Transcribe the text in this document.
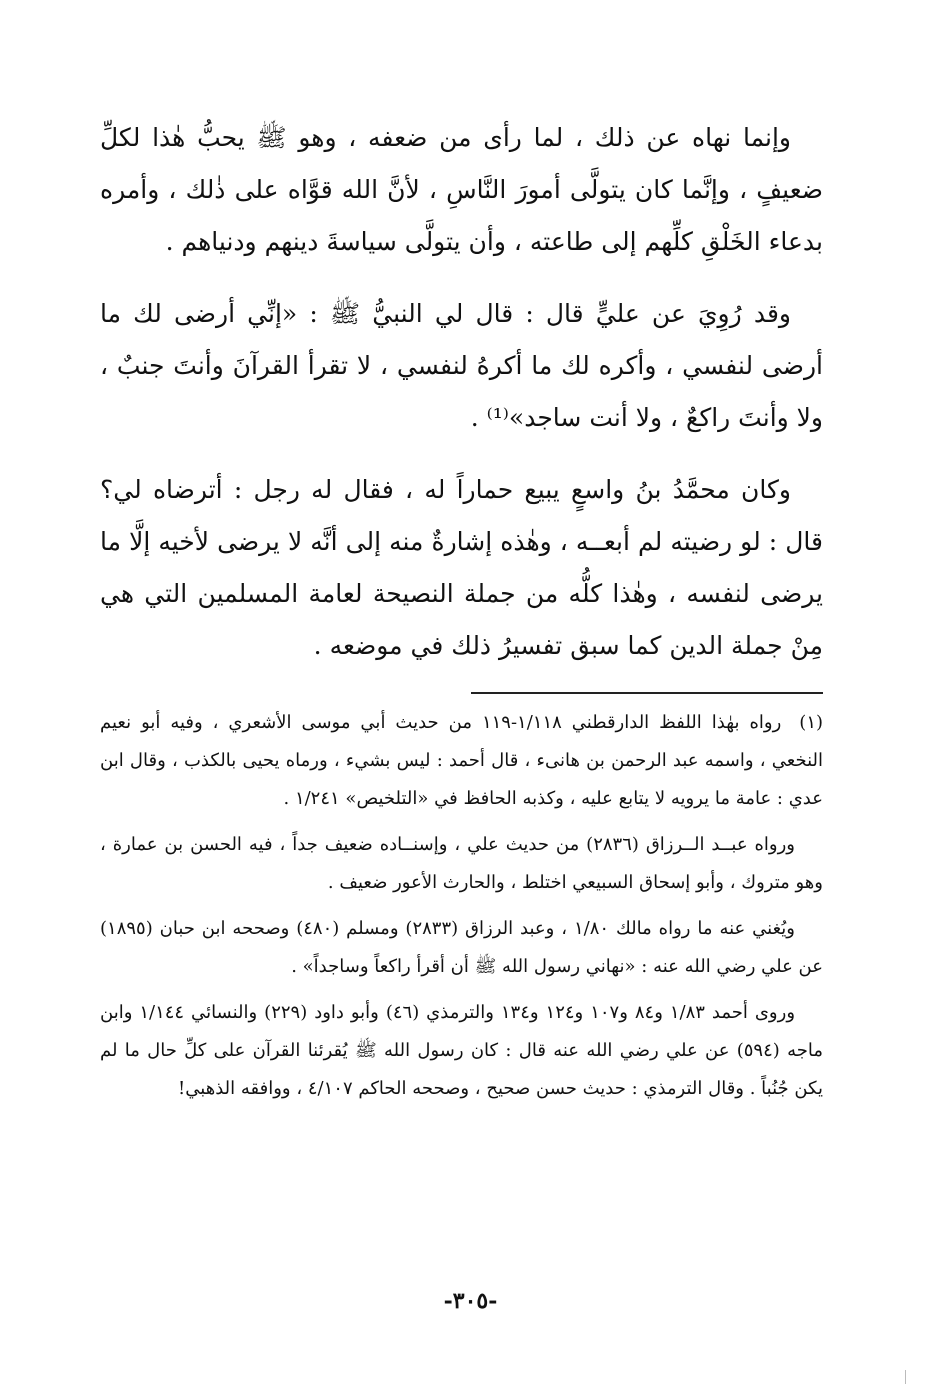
وإنما نهاه عن ذلك ، لما رأى من ضعفه ، وهو ﷺ يحبُّ هٰذا لكلِّ ضعيفٍ ، وإنَّما كان يتولَّى أمورَ النَّاسِ ، لأنَّ الله قوَّاه على ذٰلك ، وأمره بدعاء الخَلْقِ كلِّهم إلى طاعته ، وأن يتولَّى سياسةَ دينهم ودنياهم .

وقد رُوِيَ عن عليٍّ قال : قال لي النبيُّ ﷺ : «إنِّي أرضى لك ما أرضى لنفسي ، وأكره لك ما أكرهُ لنفسي ، لا تقرأ القرآنَ وأنتَ جنبٌ ، ولا وأنتَ راكعٌ ، ولا أنت ساجد»⁽¹⁾ .

وكان محمَّدُ بنُ واسعٍ يبيع حماراً له ، فقال له رجل : أترضاه لي؟ قال : لو رضيته لم أبعــه ، وهٰذه إشارةٌ منه إلى أنَّه لا يرضى لأخيه إلَّا ما يرضى لنفسه ، وهٰذا كلُّه من جملة النصيحة لعامة المسلمين التي هي مِنْ جملة الدين كما سبق تفسيرُ ذلك في موضعه .

(١)رواه بهٰذا اللفظ الدارقطني ١/١١٨-١١٩ من حديث أبي موسى الأشعري ، وفيه أبو نعيم النخعي ، واسمه عبد الرحمن بن هانىء ، قال أحمد : ليس بشيء ، ورماه يحيى بالكذب ، وقال ابن عدي : عامة ما يرويه لا يتابع عليه ، وكذبه الحافظ في «التلخيص» ١/٢٤١ .

ورواه عبــد الــرزاق (٢٨٣٦) من حديث علي ، وإسنــاده ضعيف جداً ، فيه الحسن بن عمارة ، وهو متروك ، وأبو إسحاق السبيعي اختلط ، والحارث الأعور ضعيف .

ويُغني عنه ما رواه مالك ١/٨٠ ، وعبد الرزاق (٢٨٣٣) ومسلم (٤٨٠) وصححه ابن حبان (١٨٩٥) عن علي رضي الله عنه : «نهاني رسول الله ﷺ أن أقرأ راكعاً وساجداً» .

وروى أحمد ١/٨٣ و٨٤ و١٠٧ و١٢٤ و١٣٤ والترمذي (٤٦) وأبو داود (٢٢٩) والنسائي ١/١٤٤ وابن ماجه (٥٩٤) عن علي رضي الله عنه قال : كان رسول الله ﷺ يُقرئنا القرآن على كلِّ حال ما لم يكن جُنُباً . وقال الترمذي : حديث حسن صحيح ، وصححه الحاكم ٤/١٠٧ ، ووافقه الذهبي!

-٣٠٥-
